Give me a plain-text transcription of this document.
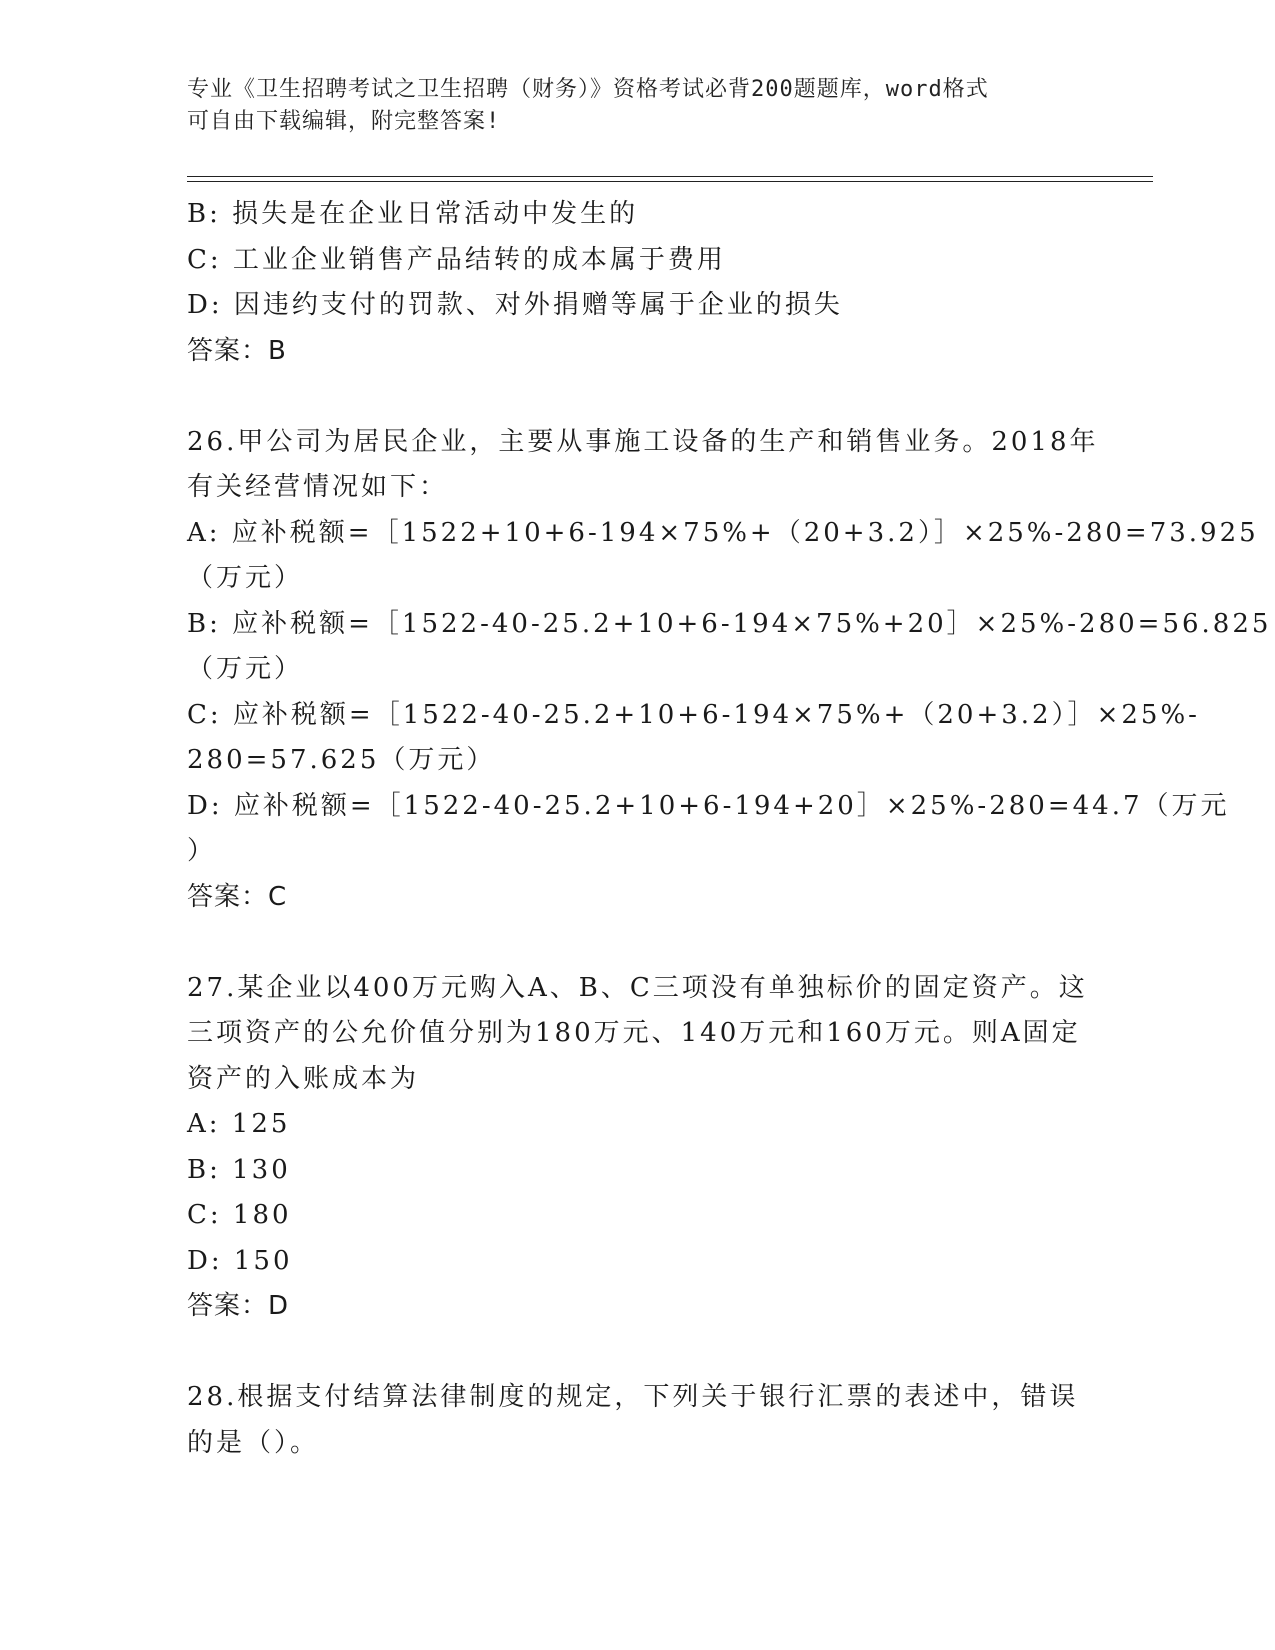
专业《卫生招聘考试之卫生招聘（财务）》资格考试必背200题题库，word格式
可自由下载编辑，附完整答案!
B: 损失是在企业日常活动中发生的
C: 工业企业销售产品结转的成本属于费用
D: 因违约支付的罚款、对外捐赠等属于企业的损失
答案：B
26.甲公司为居民企业，主要从事施工设备的生产和销售业务。2018年
有关经营情况如下：
A: 应补税额=［1522+10+6-194×75%+（20+3.2）］×25%-280=73.925
（万元）
B: 应补税额=［1522-40-25.2+10+6-194×75%+20］×25%-280=56.825
（万元）
C: 应补税额=［1522-40-25.2+10+6-194×75%+（20+3.2）］×25%-
280=57.625（万元）
D: 应补税额=［1522-40-25.2+10+6-194+20］×25%-280=44.7（万元
）
答案：C
27.某企业以400万元购入A、B、C三项没有单独标价的固定资产。这
三项资产的公允价值分别为180万元、140万元和160万元。则A固定
资产的入账成本为
A: 125
B: 130
C: 180
D: 150
答案：D
28.根据支付结算法律制度的规定，下列关于银行汇票的表述中，错误
的是（）。
